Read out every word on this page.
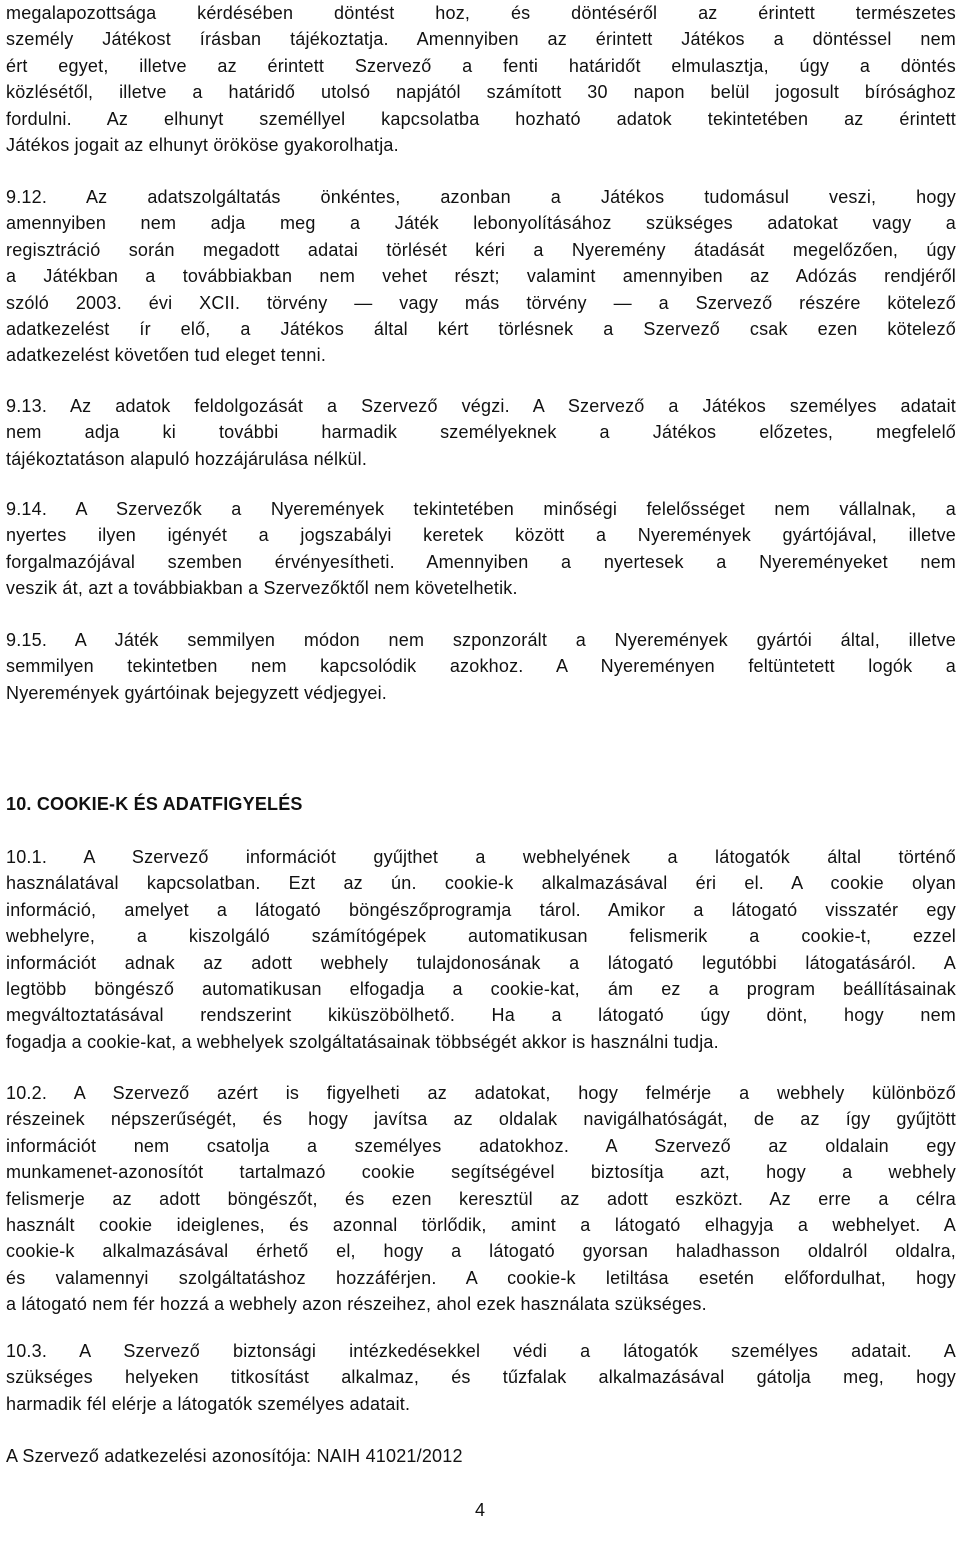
megalapozottsága kérdésében döntést hoz, és döntéséről az érintett természetes
személy Játékost írásban tájékoztatja. Amennyiben az érintett Játékos a döntéssel nem
ért egyet, illetve az érintett Szervező a fenti határidőt elmulasztja, úgy a döntés
közlésétől, illetve a határidő utolsó napjától számított 30 napon belül jogosult bírósághoz
fordulni. Az elhunyt személlyel kapcsolatba hozható adatok tekintetében az érintett
Játékos jogait az elhunyt örököse gyakorolhatja.
9.12. Az adatszolgáltatás önkéntes, azonban a Játékos tudomásul veszi, hogy
amennyiben nem adja meg a Játék lebonyolításához szükséges adatokat vagy a
regisztráció során megadott adatai törlését kéri a Nyeremény átadását megelőzően, úgy
a Játékban a továbbiakban nem vehet részt; valamint amennyiben az Adózás rendjéről
szóló 2003. évi XCII. törvény — vagy más törvény — a Szervező részére kötelező
adatkezelést ír elő, a Játékos által kért törlésnek a Szervező csak ezen kötelező
adatkezelést követően tud eleget tenni.
9.13. Az adatok feldolgozását a Szervező végzi. A Szervező a Játékos személyes adatait
nem adja ki további harmadik személyeknek a Játékos előzetes, megfelelő
tájékoztatáson alapuló hozzájárulása nélkül.
9.14. A Szervezők a Nyeremények tekintetében minőségi felelősséget nem vállalnak, a
nyertes ilyen igényét a jogszabályi keretek között a Nyeremények gyártójával, illetve
forgalmazójával szemben érvényesítheti. Amennyiben a nyertesek a Nyereményeket nem
veszik át, azt a továbbiakban a Szervezőktől nem követelhetik.
9.15. A Játék semmilyen módon nem szponzorált a Nyeremények gyártói által, illetve
semmilyen tekintetben nem kapcsolódik azokhoz. A Nyereményen feltüntetett logók a
Nyeremények gyártóinak bejegyzett védjegyei.
10. COOKIE-K ÉS ADATFIGYELÉS
10.1. A Szervező információt gyűjthet a webhelyének a látogatók által történő
használatával kapcsolatban. Ezt az ún. cookie-k alkalmazásával éri el. A cookie olyan
információ, amelyet a látogató böngészőprogramja tárol. Amikor a látogató visszatér egy
webhelyre, a kiszolgáló számítógépek automatikusan felismerik a cookie-t, ezzel
információt adnak az adott webhely tulajdonosának a látogató legutóbbi látogatásáról. A
legtöbb böngésző automatikusan elfogadja a cookie-kat, ám ez a program beállításainak
megváltoztatásával rendszerint kiküszöbölhető. Ha a látogató úgy dönt, hogy nem
fogadja a cookie-kat, a webhelyek szolgáltatásainak többségét akkor is használni tudja.
10.2. A Szervező azért is figyelheti az adatokat, hogy felmérje a webhely különböző
részeinek népszerűségét, és hogy javítsa az oldalak navigálhatóságát, de az így gyűjtött
információt nem csatolja a személyes adatokhoz. A Szervező az oldalain egy
munkamenet-azonosítót tartalmazó cookie segítségével biztosítja azt, hogy a webhely
felismerje az adott böngészőt, és ezen keresztül az adott eszközt. Az erre a célra
használt cookie ideiglenes, és azonnal törlődik, amint a látogató elhagyja a webhelyet. A
cookie-k alkalmazásával érhető el, hogy a látogató gyorsan haladhasson oldalról oldalra,
és valamennyi szolgáltatáshoz hozzáférjen. A cookie-k letiltása esetén előfordulhat, hogy
a látogató nem fér hozzá a webhely azon részeihez, ahol ezek használata szükséges.
10.3. A Szervező biztonsági intézkedésekkel védi a látogatók személyes adatait. A
szükséges helyeken titkosítást alkalmaz, és tűzfalak alkalmazásával gátolja meg, hogy
harmadik fél elérje a látogatók személyes adatait.
A Szervező adatkezelési azonosítója: NAIH 41021/2012
4
